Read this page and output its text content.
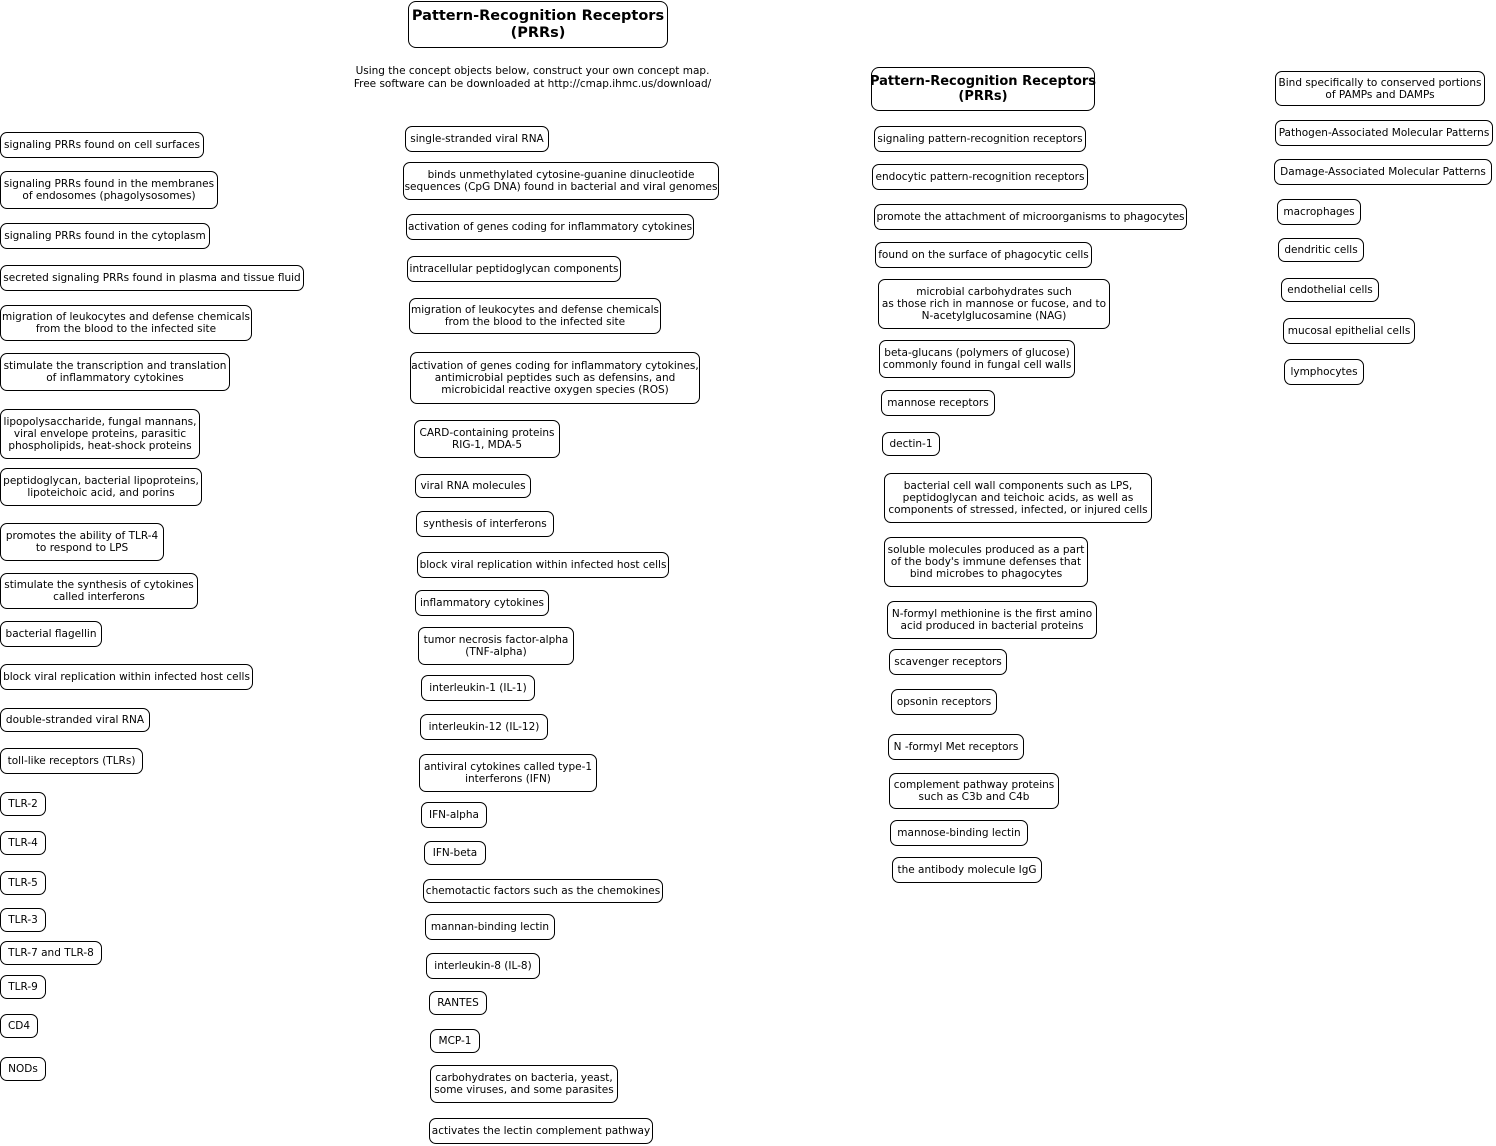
Pattern-Recognition Receptors
(PRRs)
Using the concept objects below, construct your own concept map.
Free software can be downloaded at http://cmap.ihmc.us/download/	Pattern-Recognition Receptors
(PRRs)
signaling PRRs found on cell surfaces
signaling PRRs found in the membranes
of endosomes (phagolysosomes)
signaling PRRs found in the cytoplasm
secreted signaling PRRs found in plasma and tissue fluid
migration of leukocytes and defense chemicals
from the blood to the infected site
stimulate the transcription and translation
of inflammatory cytokines
lipopolysaccharide, fungal mannans,
viral envelope proteins, parasitic
phospholipids, heat-shock proteins
peptidoglycan, bacterial lipoproteins,
lipoteichoic acid, and porins
promotes the ability of TLR-4
to respond to LPS
stimulate the synthesis of cytokines
called interferons
bacterial flagellin
block viral replication within infected host cells
double-stranded viral RNA
toll-like receptors (TLRs)
TLR-2
TLR-4
TLR-5
TLR-3
TLR-7 and TLR-8
TLR-9
CD4
NODs
single-stranded viral RNA
binds unmethylated cytosine-guanine dinucleotide
sequences (CpG DNA) found in bacterial and viral genomes
activation of genes coding for inflammatory cytokines
intracellular peptidoglycan components
migration of leukocytes and defense chemicals
from the blood to the infected site
activation of genes coding for inflammatory cytokines,
antimicrobial peptides such as defensins, and
microbicidal reactive oxygen species (ROS)
CARD-containing proteins
RIG-1, MDA-5
viral RNA molecules
synthesis of interferons
block viral replication within infected host cells
inflammatory cytokines
tumor necrosis factor-alpha
(TNF-alpha)
interleukin-1 (IL-1)
interleukin-12 (IL-12)
antiviral cytokines called type-1
interferons (IFN)
IFN-alpha
IFN-beta
chemotactic factors such as the chemokines
mannan-binding lectin
interleukin-8 (IL-8)
RANTES
MCP-1
carbohydrates on bacteria, yeast,
some viruses, and some parasites
activates the lectin complement pathway
signaling pattern-recognition receptors
endocytic pattern-recognition receptors
promote the attachment of microorganisms to phagocytes
found on the surface of phagocytic cells
microbial carbohydrates such
as those rich in mannose or fucose, and to
N-acetylglucosamine (NAG)
beta-glucans (polymers of glucose)
commonly found in fungal cell walls
mannose receptors
dectin-1
bacterial cell wall components such as LPS,
peptidoglycan and teichoic acids, as well as
components of stressed, infected, or injured cells
soluble molecules produced as a part
of the body's immune defenses that
bind microbes to phagocytes
N-formyl methionine is the first amino
acid produced in bacterial proteins
scavenger receptors
opsonin receptors
N -formyl Met receptors
complement pathway proteins
such as C3b and C4b
mannose-binding lectin
the antibody molecule IgG
Bind specifically to conserved portions
of PAMPs and DAMPs
Pathogen-Associated Molecular Patterns
Damage-Associated Molecular Patterns
macrophages
dendritic cells
endothelial cells
mucosal epithelial cells
lymphocytes
